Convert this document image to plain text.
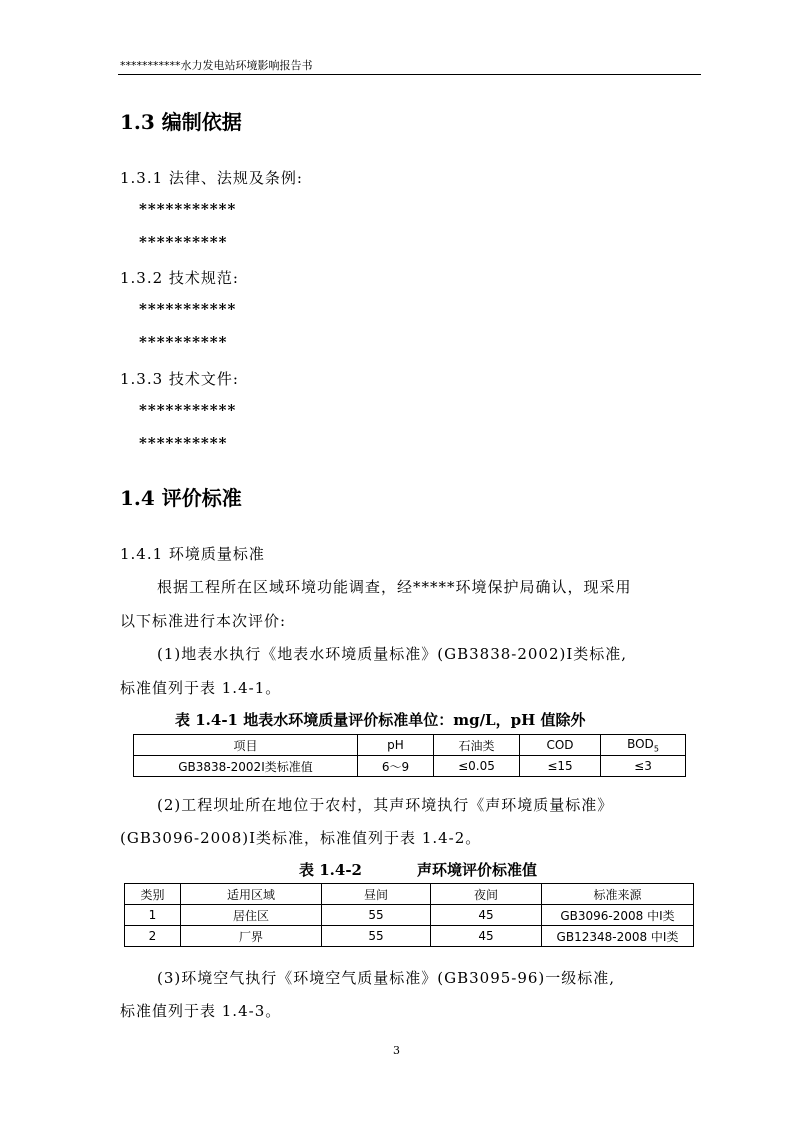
***********水力发电站环境影响报告书
1.3 编制依据
1.3.1 法律、法规及条例:
***********
**********
1.3.2 技术规范:
***********
**********
1.3.3 技术文件:
***********
**********
1.4 评价标准
1.4.1 环境质量标准
根据工程所在区域环境功能调查，经*****环境保护局确认，现采用
以下标准进行本次评价:
(1)地表水执行《地表水环境质量标准》(GB3838-2002)Ⅰ类标准,
标准值列于表 1.4-1。
表 1.4-1 地表水环境质量评价标准单位：mg/L，pH 值除外
项目	pH	石油类	COD	$BOD_5$
GB3838-2002Ⅰ类标准值	6～9	≤0.05	≤15	≤3
(2)工程坝址所在地位于农村，其声环境执行《声环境质量标准》
(GB3096-2008)Ⅰ类标准，标准值列于表 1.4-2。
表 1.4-2	声环境评价标准值
类别	适用区域	昼间	夜间	标准来源
1	居住区	55	45	GB3096-2008 中Ⅰ类
2	厂界	55	45	GB12348-2008 中Ⅰ类
(3)环境空气执行《环境空气质量标准》(GB3095-96)一级标准,
标准值列于表 1.4-3。
3
